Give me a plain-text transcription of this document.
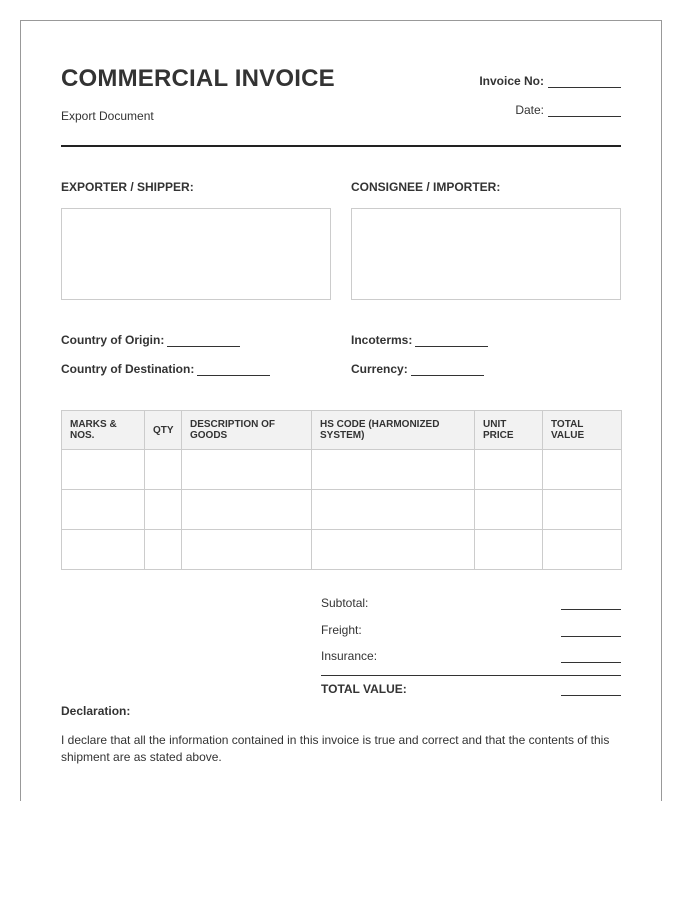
COMMERCIAL INVOICE
Export Document
Invoice No:
Date:
EXPORTER / SHIPPER:	CONSIGNEE / IMPORTER:
Country of Origin:
Country of Destination:
Incoterms:
Currency:
MARKS & NOS.	QTY	DESCRIPTION OF GOODS	HS CODE (HARMONIZED SYSTEM)	UNIT PRICE	TOTAL VALUE

Subtotal:
Freight:
Insurance:
TOTAL VALUE:
Declaration:
I declare that all the information contained in this invoice is true and correct and that the contents of this shipment are as stated above.
